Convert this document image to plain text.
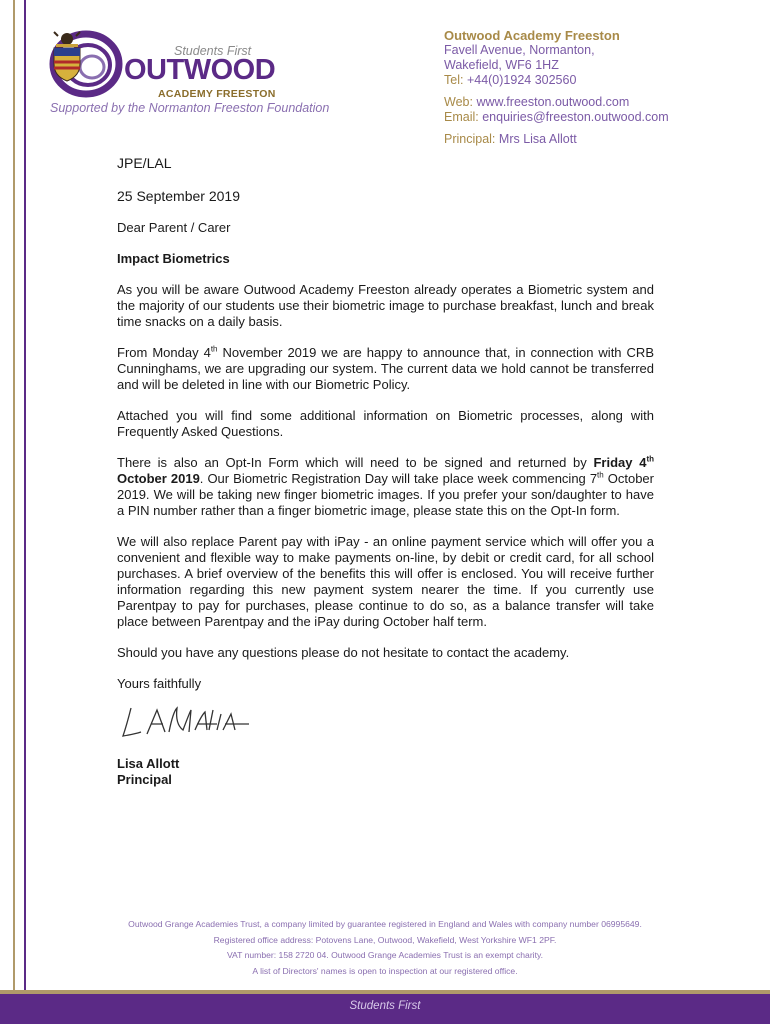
Students First
OUTWOOD
ACADEMY FREESTON
Supported by the Normanton Freeston Foundation
Outwood Academy Freeston
Favell Avenue, Normanton,
Wakefield, WF6 1HZ
Tel: +44(0)1924 302560
Web: www.freeston.outwood.com
Email: enquiries@freeston.outwood.com
Principal: Mrs Lisa Allott

JPE/LAL

25 September 2019

Dear Parent / Carer

Impact Biometrics

As you will be aware Outwood Academy Freeston already operates a Biometric system and the majority of our students use their biometric image to purchase breakfast, lunch and break time snacks on a daily basis.

From Monday 4th November 2019 we are happy to announce that, in connection with CRB Cunninghams, we are upgrading our system. The current data we hold cannot be transferred and will be deleted in line with our Biometric Policy.

Attached you will find some additional information on Biometric processes, along with Frequently Asked Questions.

There is also an Opt-In Form which will need to be signed and returned by Friday 4th October 2019. Our Biometric Registration Day will take place week commencing 7th October 2019. We will be taking new finger biometric images. If you prefer your son/daughter to have a PIN number rather than a finger biometric image, please state this on the Opt-In form.

We will also replace Parent pay with iPay - an online payment service which will offer you a convenient and flexible way to make payments on-line, by debit or credit card, for all school purchases. A brief overview of the benefits this will offer is enclosed. You will receive further information regarding this new payment system nearer the time. If you currently use Parentpay to pay for purchases, please continue to do so, as a balance transfer will take place between Parentpay and the iPay during October half term.

Should you have any questions please do not hesitate to contact the academy.

Yours faithfully

Lisa Allott
Principal
Outwood Grange Academies Trust, a company limited by guarantee registered in England and Wales with company number 06995649.
Registered office address: Potovens Lane, Outwood, Wakefield, West Yorkshire WF1 2PF.
VAT number: 158 2720 04. Outwood Grange Academies Trust is an exempt charity.
A list of Directors' names is open to inspection at our registered office.
Students First
